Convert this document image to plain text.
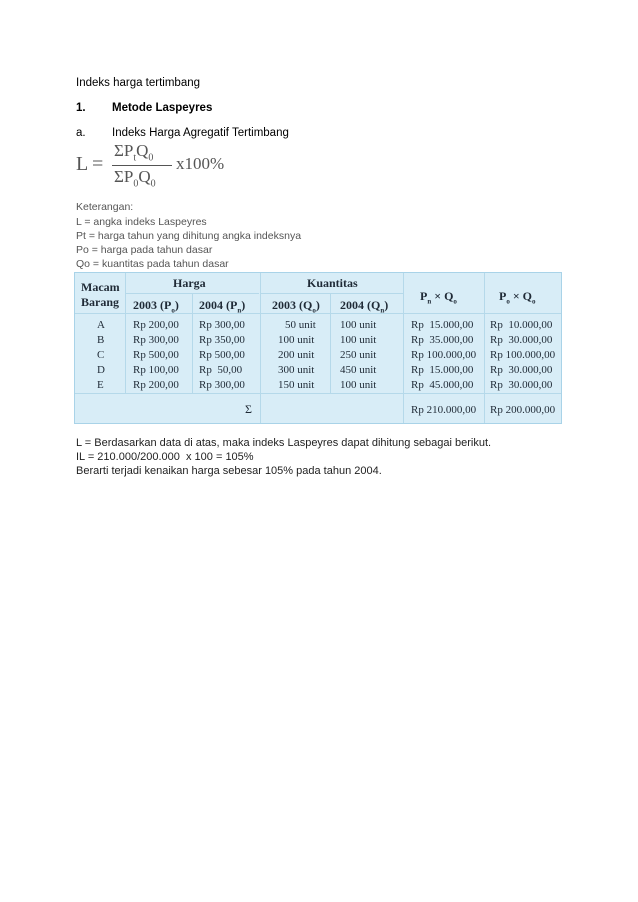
Indeks harga tertimbang
1. Metode Laspeyres
a. Indeks Harga Agregatif Tertimbang
L =
$\Sigma P_tQ_0$
$\Sigma P_0Q_0$
x100%
Keterangan:
L = angka indeks Laspeyres
Pt = harga tahun yang dihitung angka indeksnya
Po = harga pada tahun dasar
Qo = kuantitas pada tahun dasar
Macam
Barang
Harga	Kuantitas
2003 $(P_o)$ 2004 $(P_n)$ 2003 $(Q_o)$ 2004 $(Q_n)$
$P_n \times Q_o$	$P_o \times Q_o$
A	Rp 200,00 Rp 300,00	50 unit 100 unit	Rp  15.000,00 Rp  10.000,00
B	Rp 300,00 Rp 350,00	100 unit 100 unit	Rp  35.000,00 Rp  30.000,00
C	Rp 500,00 Rp 500,00	200 unit 250 unit	Rp 100.000,00 Rp 100.000,00
D	Rp 100,00 Rp  50,00	300 unit 450 unit	Rp  15.000,00 Rp  30.000,00
E	Rp 200,00 Rp 300,00	150 unit 100 unit	Rp  45.000,00 Rp  30.000,00
Σ	Rp 210.000,00 Rp 200.000,00
L = Berdasarkan data di atas, maka indeks Laspeyres dapat dihitung sebagai berikut.
IL = 210.000/200.000  x 100 = 105%
Berarti terjadi kenaikan harga sebesar 105% pada tahun 2004.
